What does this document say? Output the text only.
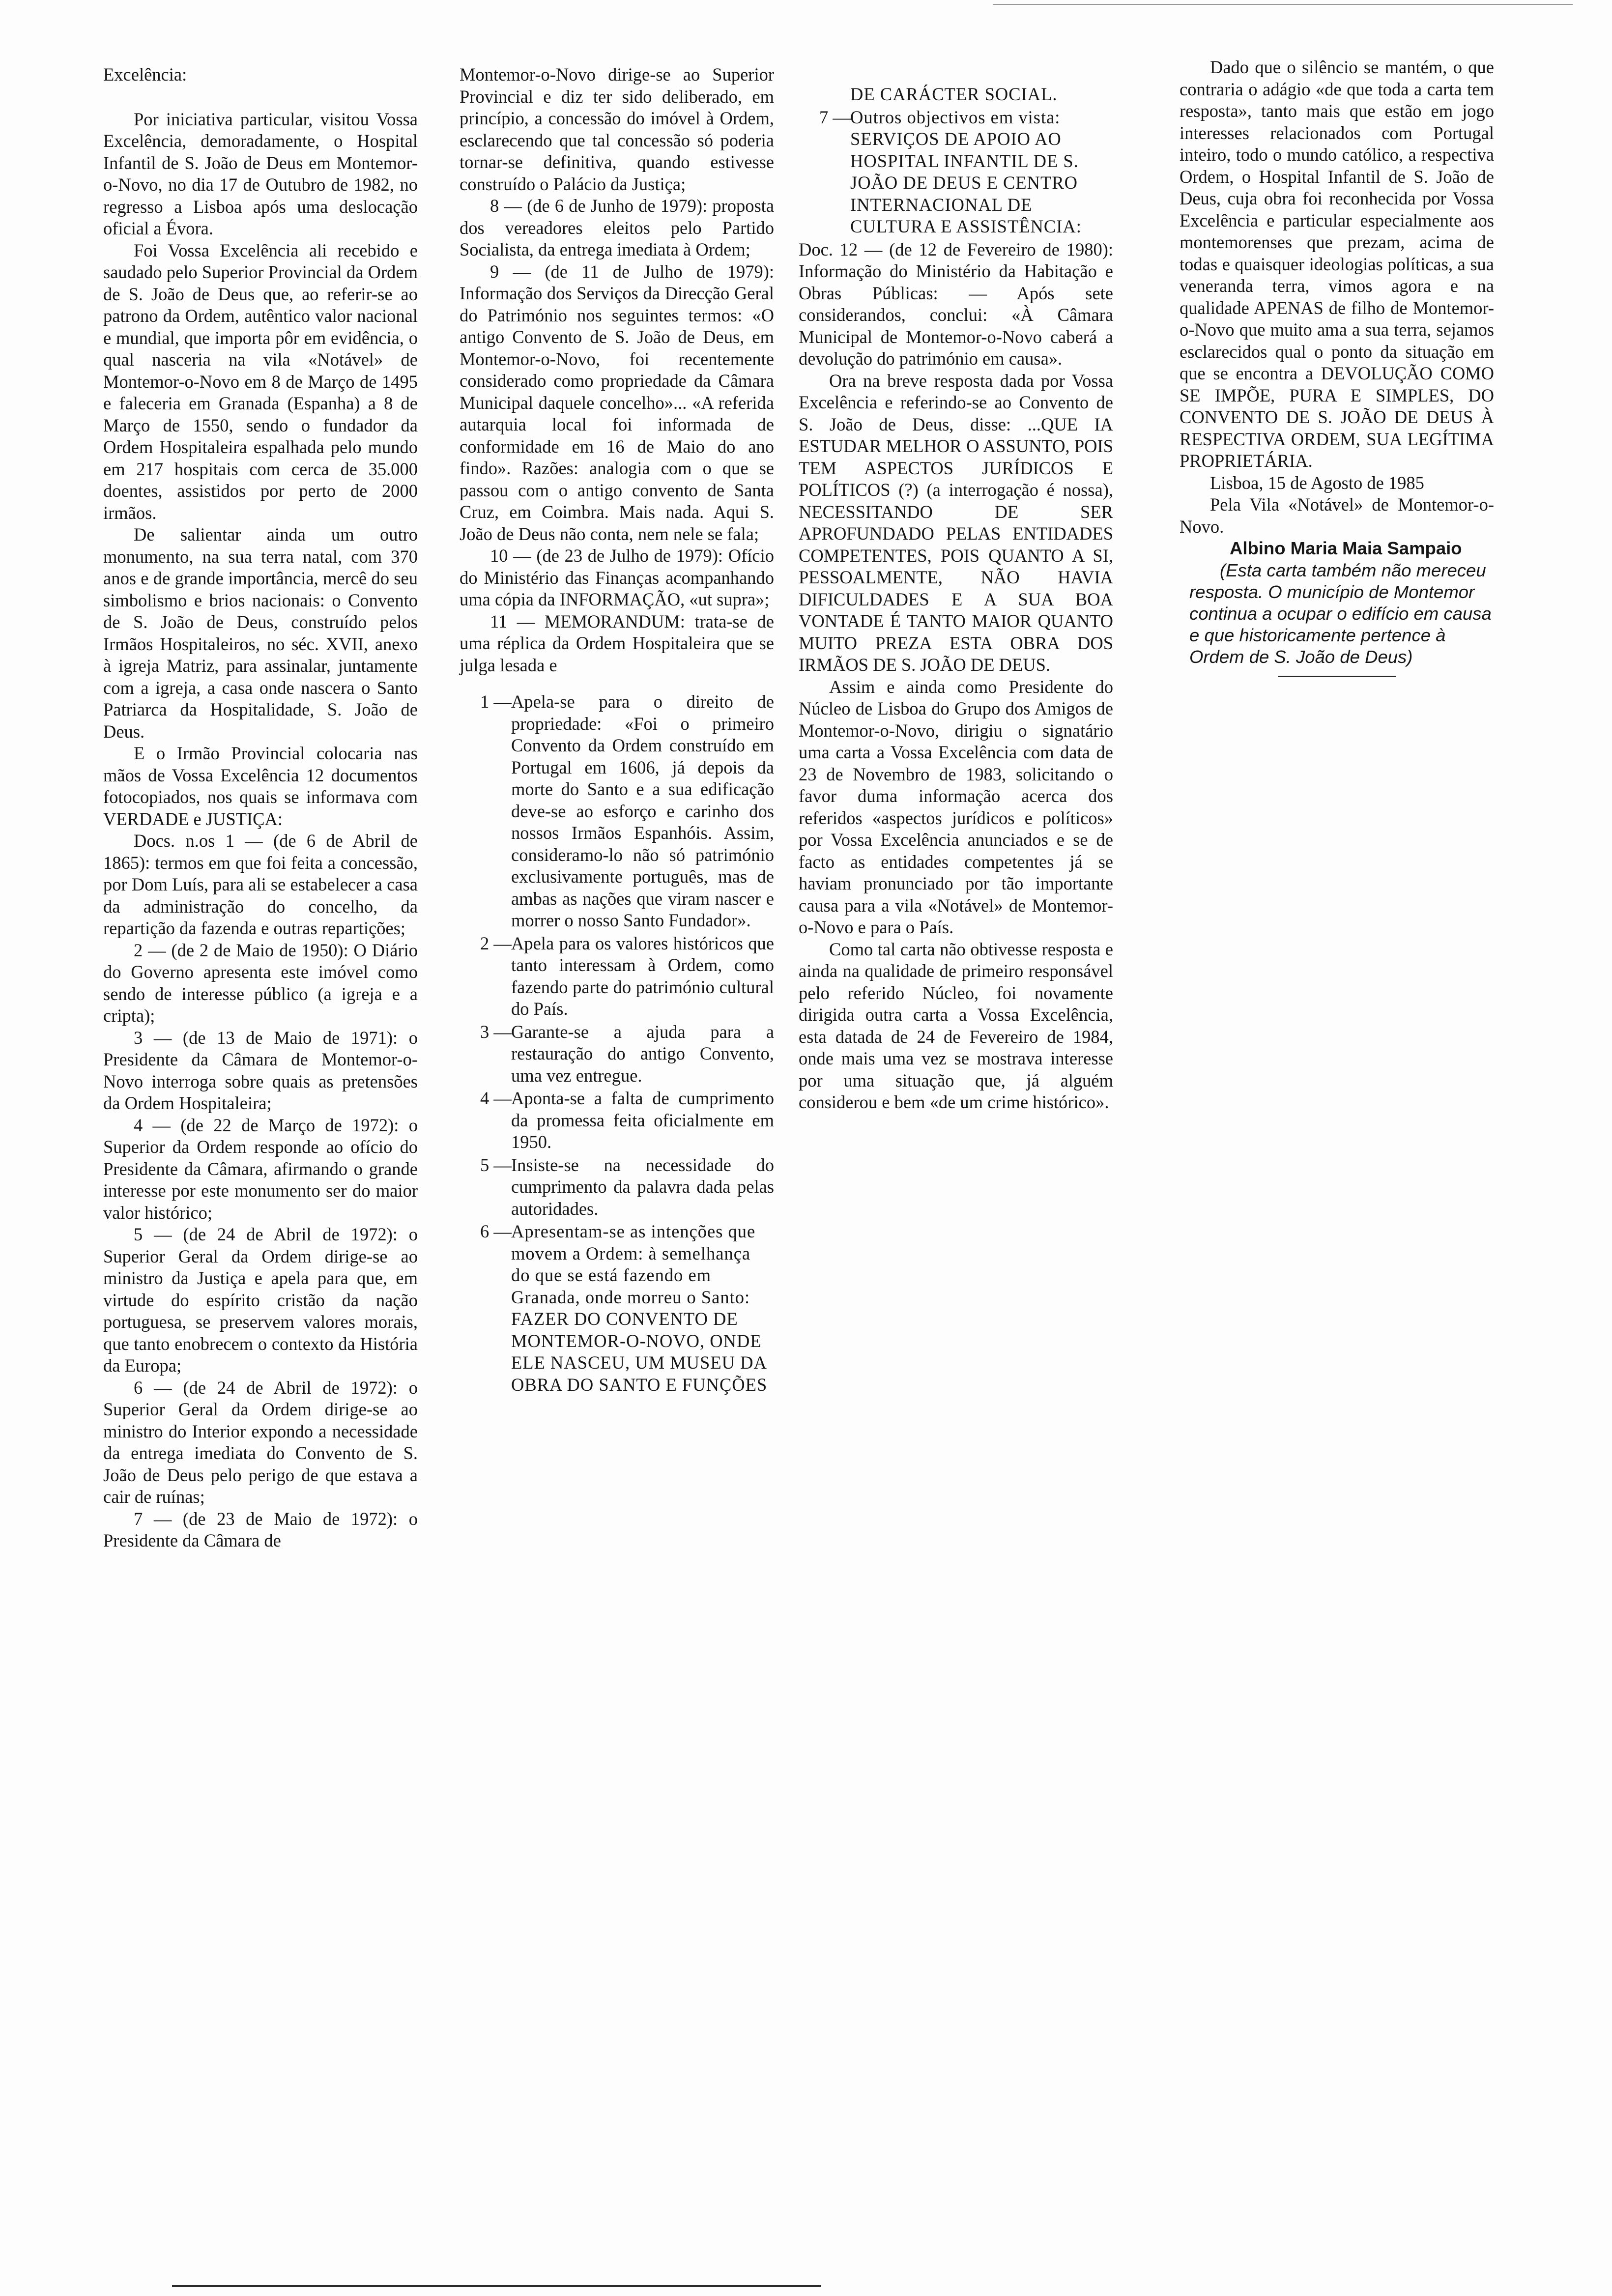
Excelência:

Por iniciativa particular, visitou Vossa Excelência, demoradamente, o Hospital Infantil de S. João de Deus em Montemor-o-Novo, no dia 17 de Outubro de 1982, no regresso a Lisboa após uma deslocação oficial a Évora.

Foi Vossa Excelência ali recebido e saudado pelo Superior Provincial da Ordem de S. João de Deus que, ao referir-se ao patrono da Ordem, autêntico valor nacional e mundial, que importa pôr em evidência, o qual nasceria na vila «Notável» de Montemor-o-Novo em 8 de Março de 1495 e faleceria em Granada (Espanha) a 8 de Março de 1550, sendo o fundador da Ordem Hospitaleira espalhada pelo mundo em 217 hospitais com cerca de 35.000 doentes, assistidos por perto de 2000 irmãos.

De salientar ainda um outro monumento, na sua terra natal, com 370 anos e de grande importância, mercê do seu simbolismo e brios nacionais: o Convento de S. João de Deus, construído pelos Irmãos Hospitaleiros, no séc. XVII, anexo à igreja Matriz, para assinalar, juntamente com a igreja, a casa onde nascera o Santo Patriarca da Hospitalidade, S. João de Deus.

E o Irmão Provincial colocaria nas mãos de Vossa Excelência 12 documentos fotocopiados, nos quais se informava com VERDADE e JUSTIÇA:

Docs. n.os 1 — (de 6 de Abril de 1865): termos em que foi feita a concessão, por Dom Luís, para ali se estabelecer a casa da administração do concelho, da repartição da fazenda e outras repartições;

2 — (de 2 de Maio de 1950): O Diário do Governo apresenta este imóvel como sendo de interesse público (a igreja e a cripta);

3 — (de 13 de Maio de 1971): o Presidente da Câmara de Montemor-o-Novo interroga sobre quais as pretensões da Ordem Hospitaleira;

4 — (de 22 de Março de 1972): o Superior da Ordem responde ao ofício do Presidente da Câmara, afirmando o grande interesse por este monumento ser do maior valor histórico;

5 — (de 24 de Abril de 1972): o Superior Geral da Ordem dirige-se ao ministro da Justiça e apela para que, em virtude do espírito cristão da nação portuguesa, se preservem valores morais, que tanto enobrecem o contexto da História da Europa;

6 — (de 24 de Abril de 1972): o Superior Geral da Ordem dirige-se ao ministro do Interior expondo a necessidade da entrega imediata do Convento de S. João de Deus pelo perigo de que estava a cair de ruínas;

7 — (de 23 de Maio de 1972): o Presidente da Câmara de

Montemor-o-Novo dirige-se ao Superior Provincial e diz ter sido deliberado, em princípio, a concessão do imóvel à Ordem, esclarecendo que tal concessão só poderia tornar-se definitiva, quando estivesse construído o Palácio da Justiça;

8 — (de 6 de Junho de 1979): proposta dos vereadores eleitos pelo Partido Socialista, da entrega imediata à Ordem;

9 — (de 11 de Julho de 1979): Informação dos Serviços da Direcção Geral do Património nos seguintes termos: «O antigo Convento de S. João de Deus, em Montemor-o-Novo, foi recentemente considerado como propriedade da Câmara Municipal daquele concelho»... «A referida autarquia local foi informada de conformidade em 16 de Maio do ano findo». Razões: analogia com o que se passou com o antigo convento de Santa Cruz, em Coimbra. Mais nada. Aqui S. João de Deus não conta, nem nele se fala;

10 — (de 23 de Julho de 1979): Ofício do Ministério das Finanças acompanhando uma cópia da INFORMAÇÃO, «ut supra»;

11 — MEMORANDUM: trata-se de uma réplica da Ordem Hospitaleira que se julga lesada e

1 — Apela-se para o direito de propriedade: «Foi o primeiro Convento da Ordem construído em Portugal em 1606, já depois da morte do Santo e a sua edificação deve-se ao esforço e carinho dos nossos Irmãos Espanhóis. Assim, consideramo-lo não só património exclusivamente português, mas de ambas as nações que viram nascer e morrer o nosso Santo Fundador».
2 — Apela para os valores históricos que tanto interessam à Ordem, como fazendo parte do património cultural do País.
3 — Garante-se a ajuda para a restauração do antigo Convento, uma vez entregue.
4 — Aponta-se a falta de cumprimento da promessa feita oficialmente em 1950.
5 — Insiste-se na necessidade do cumprimento da palavra dada pelas autoridades.
6 — Apresentam-se as intenções que movem a Ordem: à semelhança do que se está fazendo em Granada, onde morreu o Santo: FAZER DO CONVENTO DE MONTEMOR-O-NOVO, ONDE ELE NASCEU, UM MUSEU DA OBRA DO SANTO E FUNÇÕES
DE CARÁCTER SOCIAL.
7 — Outros objectivos em vista: SERVIÇOS DE APOIO AO HOSPITAL INFANTIL DE S. JOÃO DE DEUS E CENTRO INTERNACIONAL DE CULTURA E ASSISTÊNCIA:

Doc. 12 — (de 12 de Fevereiro de 1980): Informação do Ministério da Habitação e Obras Públicas: — Após sete considerandos, conclui: «À Câmara Municipal de Montemor-o-Novo caberá a devolução do património em causa».

Ora na breve resposta dada por Vossa Excelência e referindo-se ao Convento de S. João de Deus, disse: ...QUE IA ESTUDAR MELHOR O ASSUNTO, POIS TEM ASPECTOS JURÍDICOS E POLÍTICOS (?) (a interrogação é nossa), NECESSITANDO DE SER APROFUNDADO PELAS ENTIDADES COMPETENTES, POIS QUANTO A SI, PESSOALMENTE, NÃO HAVIA DIFICULDADES E A SUA BOA VONTADE É TANTO MAIOR QUANTO MUITO PREZA ESTA OBRA DOS IRMÃOS DE S. JOÃO DE DEUS.

Assim e ainda como Presidente do Núcleo de Lisboa do Grupo dos Amigos de Montemor-o-Novo, dirigiu o signatário uma carta a Vossa Excelência com data de 23 de Novembro de 1983, solicitando o favor duma informação acerca dos referidos «aspectos jurídicos e políticos» por Vossa Excelência anunciados e se de facto as entidades competentes já se haviam pronunciado por tão importante causa para a vila «Notável» de Montemor-o-Novo e para o País.

Como tal carta não obtivesse resposta e ainda na qualidade de primeiro responsável pelo referido Núcleo, foi novamente dirigida outra carta a Vossa Excelência, esta datada de 24 de Fevereiro de 1984, onde mais uma vez se mostrava interesse por uma situação que, já alguém considerou e bem «de um crime histórico».

Dado que o silêncio se mantém, o que contraria o adágio «de que toda a carta tem resposta», tanto mais que estão em jogo interesses relacionados com Portugal inteiro, todo o mundo católico, a respectiva Ordem, o Hospital Infantil de S. João de Deus, cuja obra foi reconhecida por Vossa Excelência e particular especialmente aos montemorenses que prezam, acima de todas e quaisquer ideologias políticas, a sua veneranda terra, vimos agora e na qualidade APENAS de filho de Montemor-o-Novo que muito ama a sua terra, sejamos esclarecidos qual o ponto da situação em que se encontra a DEVOLUÇÃO COMO SE IMPÕE, PURA E SIMPLES, DO CONVENTO DE S. JOÃO DE DEUS À RESPECTIVA ORDEM, SUA LEGÍTIMA PROPRIETÁRIA.

Lisboa, 15 de Agosto de 1985

Pela Vila «Notável» de Montemor-o-Novo.

Albino Maria Maia Sampaio

(Esta carta também não mereceu resposta. O município de Montemor continua a ocupar o edifício em causa e que historicamente pertence à Ordem de S. João de Deus)
